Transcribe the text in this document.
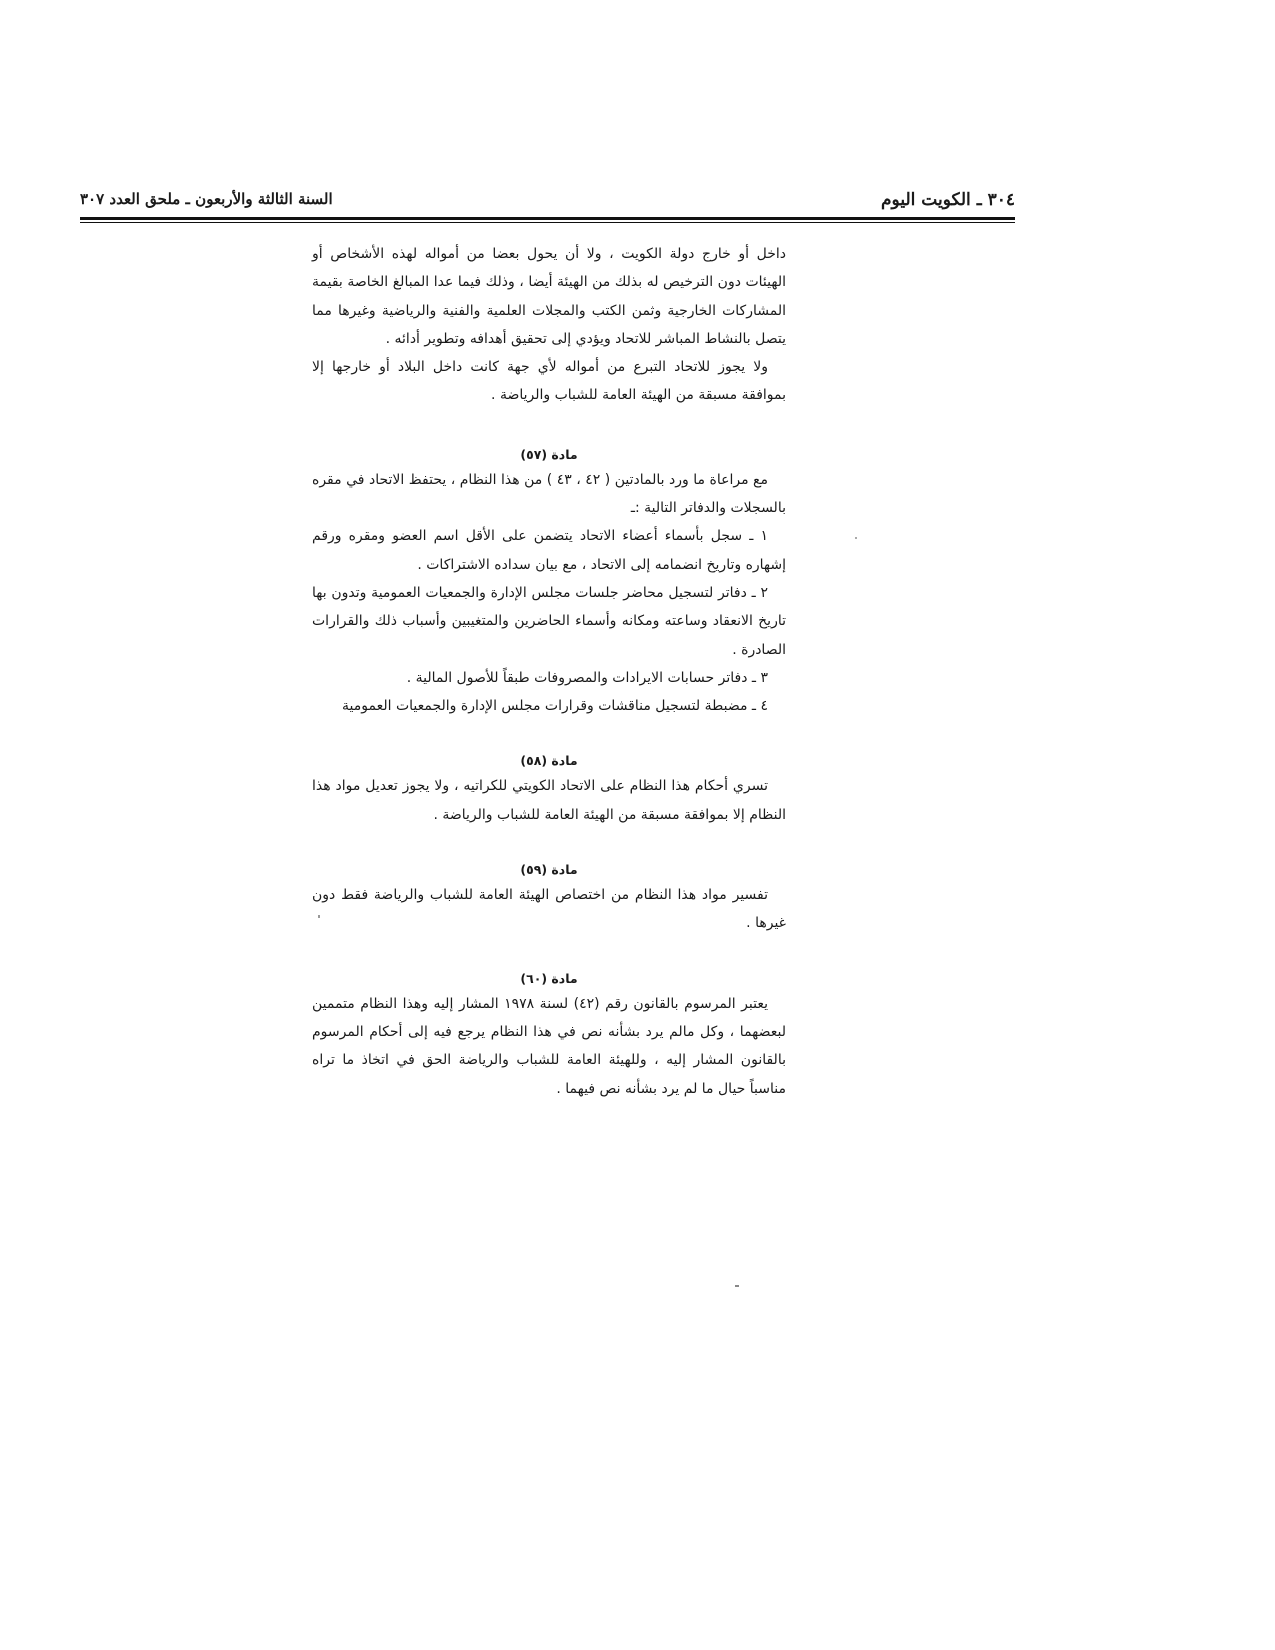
٣٠٤ ـ الكويت اليوم
السنة الثالثة والأربعون ـ ملحق العدد ٣٠٧

داخل أو خارج دولة الكويت ، ولا أن يحول بعضا من أمواله لهذه الأشخاص أو الهيئات دون الترخيص له بذلك من الهيئة أيضا ، وذلك فيما عدا المبالغ الخاصة بقيمة المشاركات الخارجية وثمن الكتب والمجلات العلمية والفنية والرياضية وغيرها مما يتصل بالنشاط المباشر للاتحاد ويؤدي إلى تحقيق أهدافه وتطوير أدائه .

ولا يجوز للاتحاد التبرع من أمواله لأي جهة كانت داخل البلاد أو خارجها إلا بموافقة مسبقة من الهيئة العامة للشباب والرياضة .

مادة (٥٧)

مع مراعاة ما ورد بالمادتين ( ٤٢ ، ٤٣ ) من هذا النظام ، يحتفظ الاتحاد في مقره بالسجلات والدفاتر التالية :ـ

١ ـ سجل بأسماء أعضاء الاتحاد يتضمن على الأقل اسم العضو ومقره ورقم إشهاره وتاريخ انضمامه إلى الاتحاد ، مع بيان سداده الاشتراكات .

٢ ـ دفاتر لتسجيل محاضر جلسات مجلس الإدارة والجمعيات العمومية وتدون بها تاريخ الانعقاد وساعته ومكانه وأسماء الحاضرين والمتغيبين وأسباب ذلك والقرارات الصادرة .

٣ ـ دفاتر حسابات الايرادات والمصروفات طبقاً للأصول المالية .

٤ ـ مضبطة لتسجيل مناقشات وقرارات مجلس الإدارة والجمعيات العمومية

مادة (٥٨)

تسري أحكام هذا النظام على الاتحاد الكويتي للكراتيه ، ولا يجوز تعديل مواد هذا النظام إلا بموافقة مسبقة من الهيئة العامة للشباب والرياضة .

مادة (٥٩)

تفسير مواد هذا النظام من اختصاص الهيئة العامة للشباب والرياضة فقط دون غيرها .

مادة (٦٠)

يعتبر المرسوم بالقانون رقم (٤٢) لسنة ١٩٧٨ المشار إليه وهذا النظام متممين لبعضهما ، وكل مالم يرد بشأنه نص في هذا النظام يرجع فيه إلى أحكام المرسوم بالقانون المشار إليه ، وللهيئة العامة للشباب والرياضة الحق في اتخاذ ما تراه مناسباً حيال ما لم يرد بشأنه نص فيهما .
